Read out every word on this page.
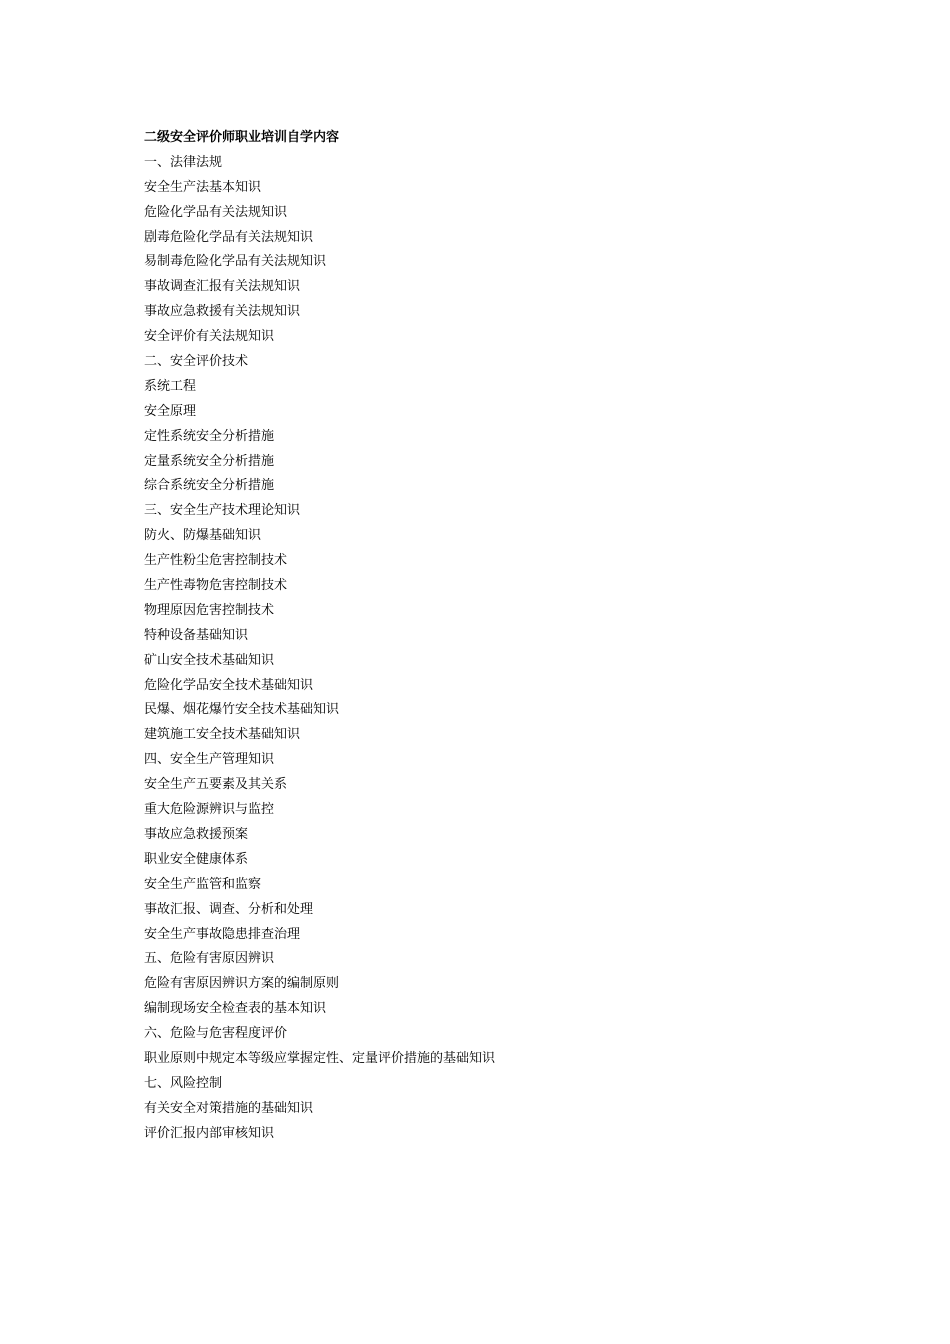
二级安全评价师职业培训自学内容
一、法律法规
安全生产法基本知识
危险化学品有关法规知识
剧毒危险化学品有关法规知识
易制毒危险化学品有关法规知识
事故调查汇报有关法规知识
事故应急救援有关法规知识
安全评价有关法规知识
二、安全评价技术
系统工程
安全原理
定性系统安全分析措施
定量系统安全分析措施
综合系统安全分析措施
三、安全生产技术理论知识
防火、防爆基础知识
生产性粉尘危害控制技术
生产性毒物危害控制技术
物理原因危害控制技术
特种设备基础知识
矿山安全技术基础知识
危险化学品安全技术基础知识
民爆、烟花爆竹安全技术基础知识
建筑施工安全技术基础知识
四、安全生产管理知识
安全生产五要素及其关系
重大危险源辨识与监控
事故应急救援预案
职业安全健康体系
安全生产监管和监察
事故汇报、调查、分析和处理
安全生产事故隐患排查治理
五、危险有害原因辨识
危险有害原因辨识方案的编制原则
编制现场安全检查表的基本知识
六、危险与危害程度评价
职业原则中规定本等级应掌握定性、定量评价措施的基础知识
七、风险控制
有关安全对策措施的基础知识
评价汇报内部审核知识
